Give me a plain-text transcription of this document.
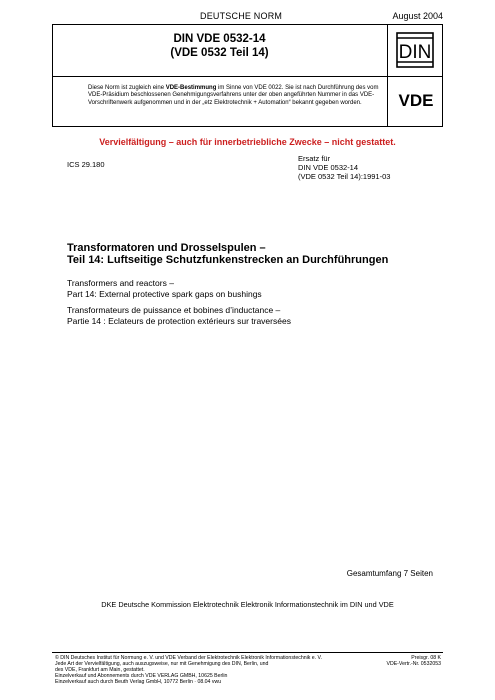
DEUTSCHE NORM	August 2004
DIN VDE 0532-14
(VDE 0532 Teil 14)	DIN
VDE
Diese Norm ist zugleich eine VDE-Bestimmung im Sinne von VDE 0022. Sie ist nach Durchführung des vom VDE-Präsidium beschlossenen Genehmigungsverfahrens unter der oben angeführten Nummer in das VDE-Vorschriftenwerk aufgenommen und in der „etz Elektrotechnik + Automation“ bekannt gegeben worden.
Vervielfältigung – auch für innerbetriebliche Zwecke – nicht gestattet.
ICS 29.180
Ersatz für
DIN VDE 0532-14
(VDE 0532 Teil 14):1991-03
Transformatoren und Drosselspulen –
Teil 14: Luftseitige Schutzfunkenstrecken an Durchführungen
Transformers and reactors –
Part 14: External protective spark gaps on bushings
Transformateurs de puissance et bobines d’inductance –
Partie 14 : Eclateurs de protection extérieurs sur traversées
Gesamtumfang 7 Seiten
DKE Deutsche Kommission Elektrotechnik Elektronik Informationstechnik im DIN und VDE
© DIN Deutsches Institut für Normung e. V. und VDE Verband der Elektrotechnik Elektronik Informationstechnik e. V.
Jede Art der Vervielfältigung, auch auszugsweise, nur mit Genehmigung des DIN, Berlin, und
des VDE, Frankfurt am Main, gestattet.
Einzelverkauf und Abonnements durch VDE VERLAG GMBH, 10625 Berlin
Einzelverkauf auch durch Beuth Verlag GmbH, 10772 Berlin · 08.04 vwu
Preisgr. 08 K
VDE-Vertr.-Nr. 0532053
